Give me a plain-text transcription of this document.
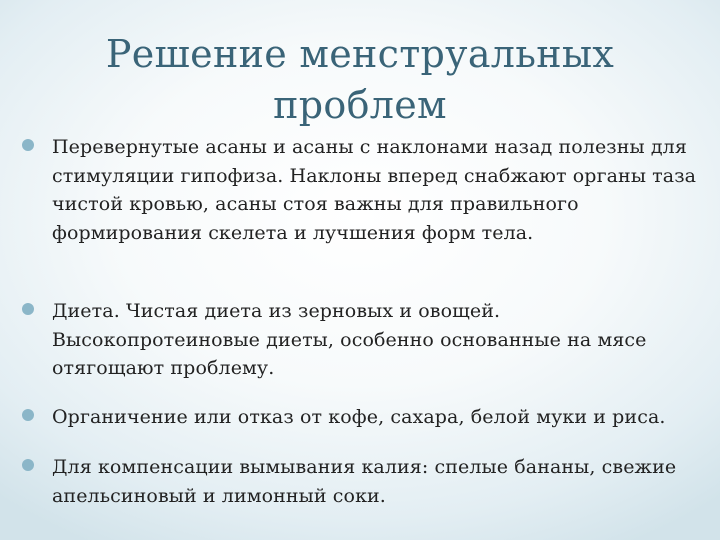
Решение менструальных проблем
Перевернутые асаны и асаны с наклонами назад полезны для стимуляции гипофиза. Наклоны вперед снабжают органы таза чистой кровью, асаны стоя важны для правильного формирования скелета и лучшения форм тела.
Диета. Чистая диета из зерновых и овощей. Высокопротеиновые диеты, особенно основанные на мясе отягощают проблему.
Органичение или отказ от кофе, сахара, белой муки и риса.
Для компенсации вымывания калия: спелые бананы, свежие апельсиновый и лимонный соки.
